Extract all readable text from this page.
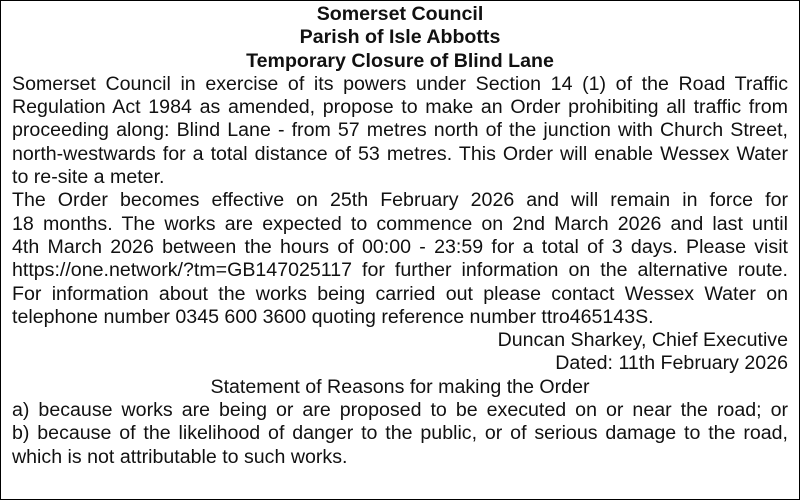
Somerset Council
Parish of Isle Abbotts
Temporary Closure of Blind Lane
Somerset Council in exercise of its powers under Section 14 (1) of the Road Traffic
Regulation Act 1984 as amended, propose to make an Order prohibiting all traffic from
proceeding along: Blind Lane - from 57 metres north of the junction with Church Street,
north-westwards for a total distance of 53 metres. This Order will enable Wessex Water
to re-site a meter.
The Order becomes effective on 25th February 2026 and will remain in force for
18 months. The works are expected to commence on 2nd March 2026 and last until
4th March 2026 between the hours of 00:00 - 23:59 for a total of 3 days. Please visit
https://one.network/?tm=GB147025117 for further information on the alternative route.
For information about the works being carried out please contact Wessex Water on
telephone number 0345 600 3600 quoting reference number ttro465143S.
Duncan Sharkey, Chief Executive
Dated: 11th February 2026
Statement of Reasons for making the Order
a) because works are being or are proposed to be executed on or near the road; or
b) because of the likelihood of danger to the public, or of serious damage to the road,
which is not attributable to such works.
